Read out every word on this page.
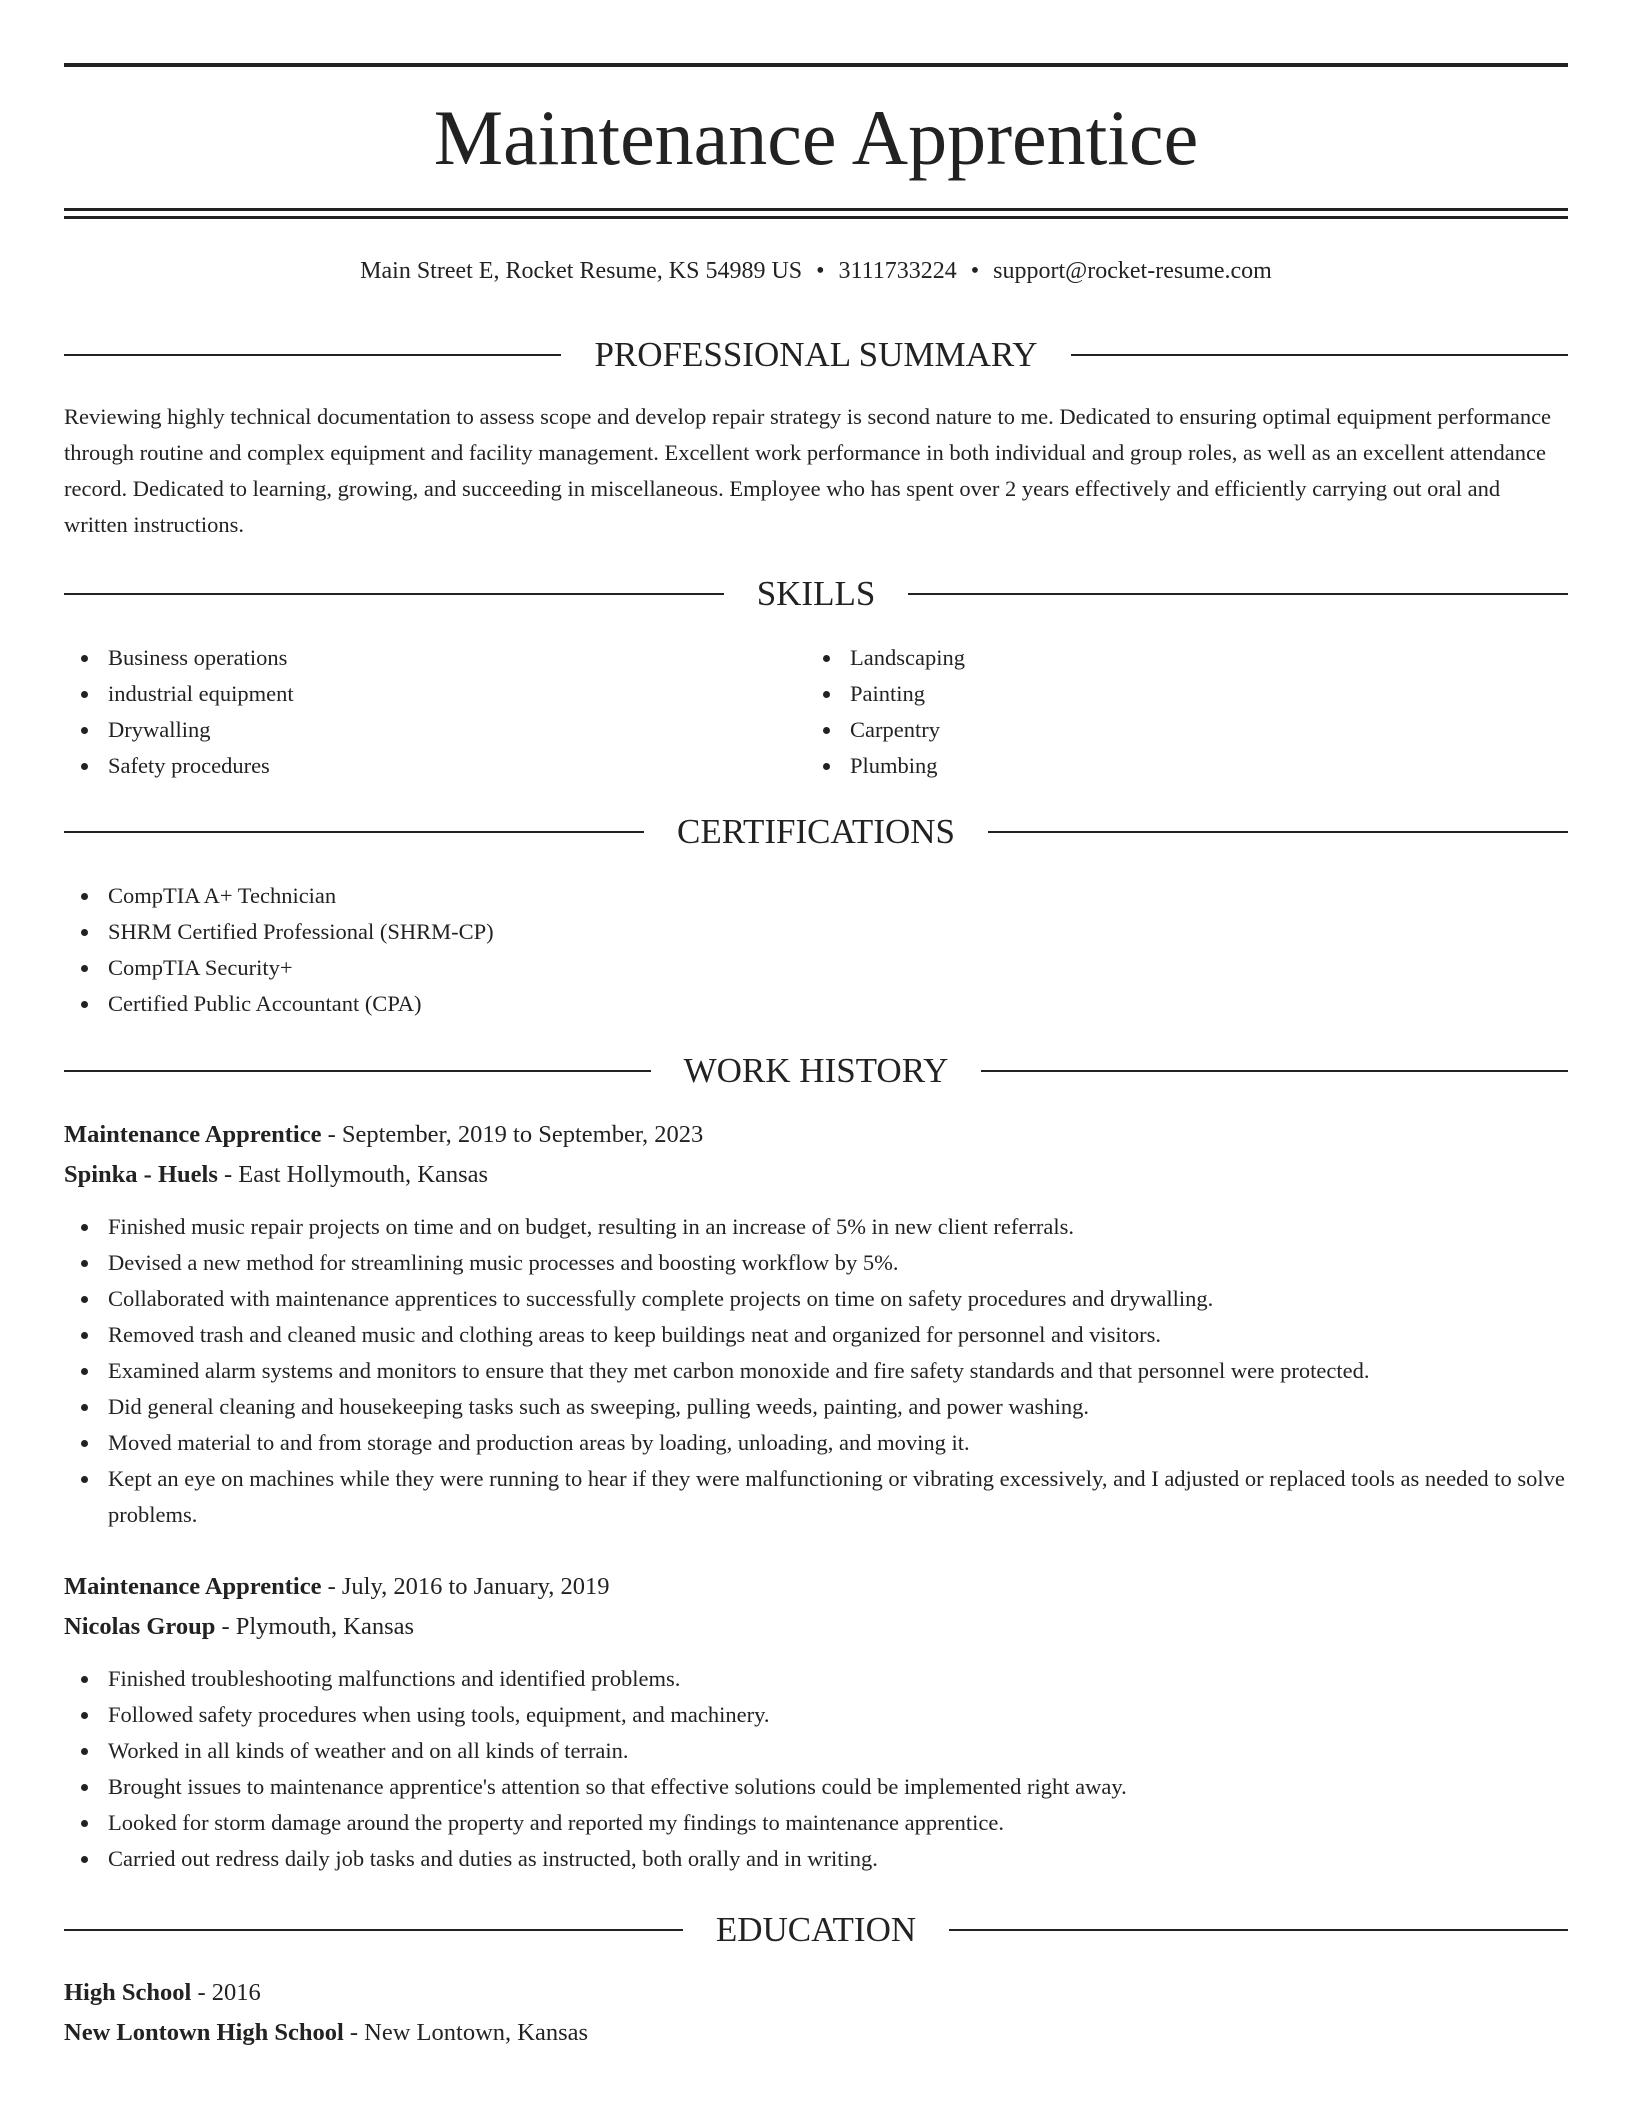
Maintenance Apprentice
Main Street E, Rocket Resume, KS 54989 US • 3111733224 • support@rocket-resume.com
PROFESSIONAL SUMMARY

Reviewing highly technical documentation to assess scope and develop repair strategy is second nature to me. Dedicated to ensuring optimal equipment performance through routine and complex equipment and facility management. Excellent work performance in both individual and group roles, as well as an excellent attendance record. Dedicated to learning, growing, and succeeding in miscellaneous. Employee who has spent over 2 years effectively and efficiently carrying out oral and written instructions.

SKILLS
Business operations
industrial equipment
Drywalling
Safety procedures
Landscaping
Painting
Carpentry
Plumbing
CERTIFICATIONS
CompTIA A+ Technician
SHRM Certified Professional (SHRM-CP)
CompTIA Security+
Certified Public Accountant (CPA)
WORK HISTORY
Maintenance Apprentice - September, 2019 to September, 2023
Spinka - Huels - East Hollymouth, Kansas
Finished music repair projects on time and on budget, resulting in an increase of 5% in new client referrals.
Devised a new method for streamlining music processes and boosting workflow by 5%.
Collaborated with maintenance apprentices to successfully complete projects on time on safety procedures and drywalling.
Removed trash and cleaned music and clothing areas to keep buildings neat and organized for personnel and visitors.
Examined alarm systems and monitors to ensure that they met carbon monoxide and fire safety standards and that personnel were protected.
Did general cleaning and housekeeping tasks such as sweeping, pulling weeds, painting, and power washing.
Moved material to and from storage and production areas by loading, unloading, and moving it.
Kept an eye on machines while they were running to hear if they were malfunctioning or vibrating excessively, and I adjusted or replaced tools as needed to solve problems.
Maintenance Apprentice - July, 2016 to January, 2019
Nicolas Group - Plymouth, Kansas
Finished troubleshooting malfunctions and identified problems.
Followed safety procedures when using tools, equipment, and machinery.
Worked in all kinds of weather and on all kinds of terrain.
Brought issues to maintenance apprentice's attention so that effective solutions could be implemented right away.
Looked for storm damage around the property and reported my findings to maintenance apprentice.
Carried out redress daily job tasks and duties as instructed, both orally and in writing.
EDUCATION
High School - 2016
New Lontown High School - New Lontown, Kansas
